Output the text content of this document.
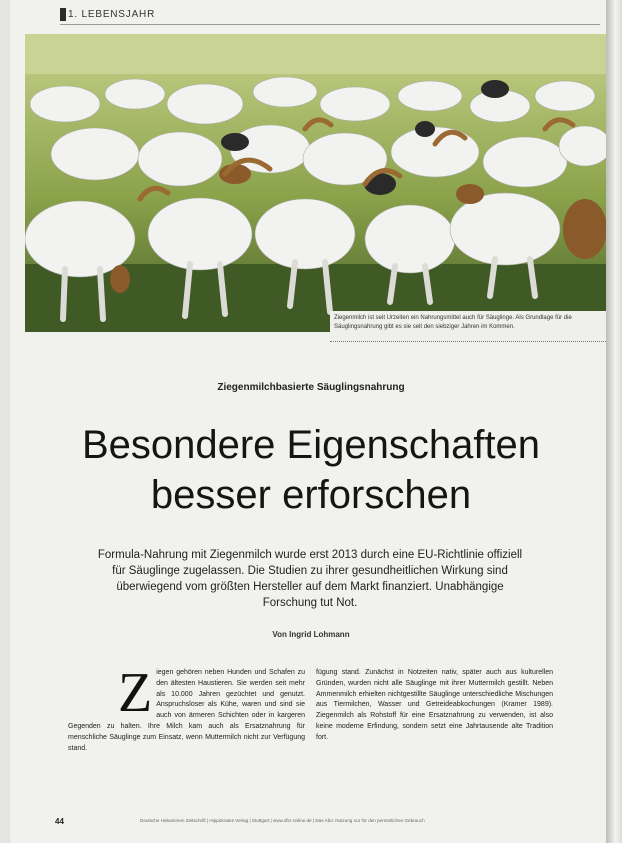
1. LEBENSJAHR
Ziegenmilch ist seit Urzeiten ein Nahrungsmittel auch für Säuglinge. Als Grundlage für die Säuglingsnahrung gibt es sie seit den siebziger Jahren im Kommen.
Ziegenmilchbasierte Säuglingsnahrung
Besondere Eigenschaften
besser erforschen
Formula-Nahrung mit Ziegenmilch wurde erst 2013 durch eine EU-Richtlinie offiziell für Säuglinge zugelassen. Die Studien zu ihrer gesundheitlichen Wirkung sind überwiegend vom größten Hersteller auf dem Markt finanziert. Unabhängige Forschung tut Not.
Von Ingrid Lohmann
Z iegen gehören neben Hunden und Schafen zu den ältesten Haustieren. Sie werden seit mehr als 10.000 Jahren gezüchtet und genutzt. Anspruchsloser als Kühe, waren und sind sie auch von ärmeren Schichten oder in kargeren Gegenden zu halten. Ihre Milch kam auch als Ersatznahrung für menschliche Säuglinge zum Einsatz, wenn Muttermilch nicht zur Verfügung stand.
fügung stand. Zunächst in Notzeiten nativ, später auch aus kulturellen Gründen, wurden nicht alle Säuglinge mit ihrer Muttermilch gestillt. Neben Ammenmilch erhielten nichtgestillte Säuglinge unterschiedliche Mischungen aus Tiermilchen, Wasser und Getreideabkochungen (Kramer 1989). Ziegenmilch als Rohstoff für eine Ersatznahrung zu verwenden, ist also keine moderne Erfindung, sondern setzt eine Jahrtausende alte Tradition fort.
44	Deutsche Hebammen Zeitschrift | Hippokrates Verlag | Stuttgart | www.dhz-online.de | Das Abo: Nutzung nur für den persönlichen Gebrauch
